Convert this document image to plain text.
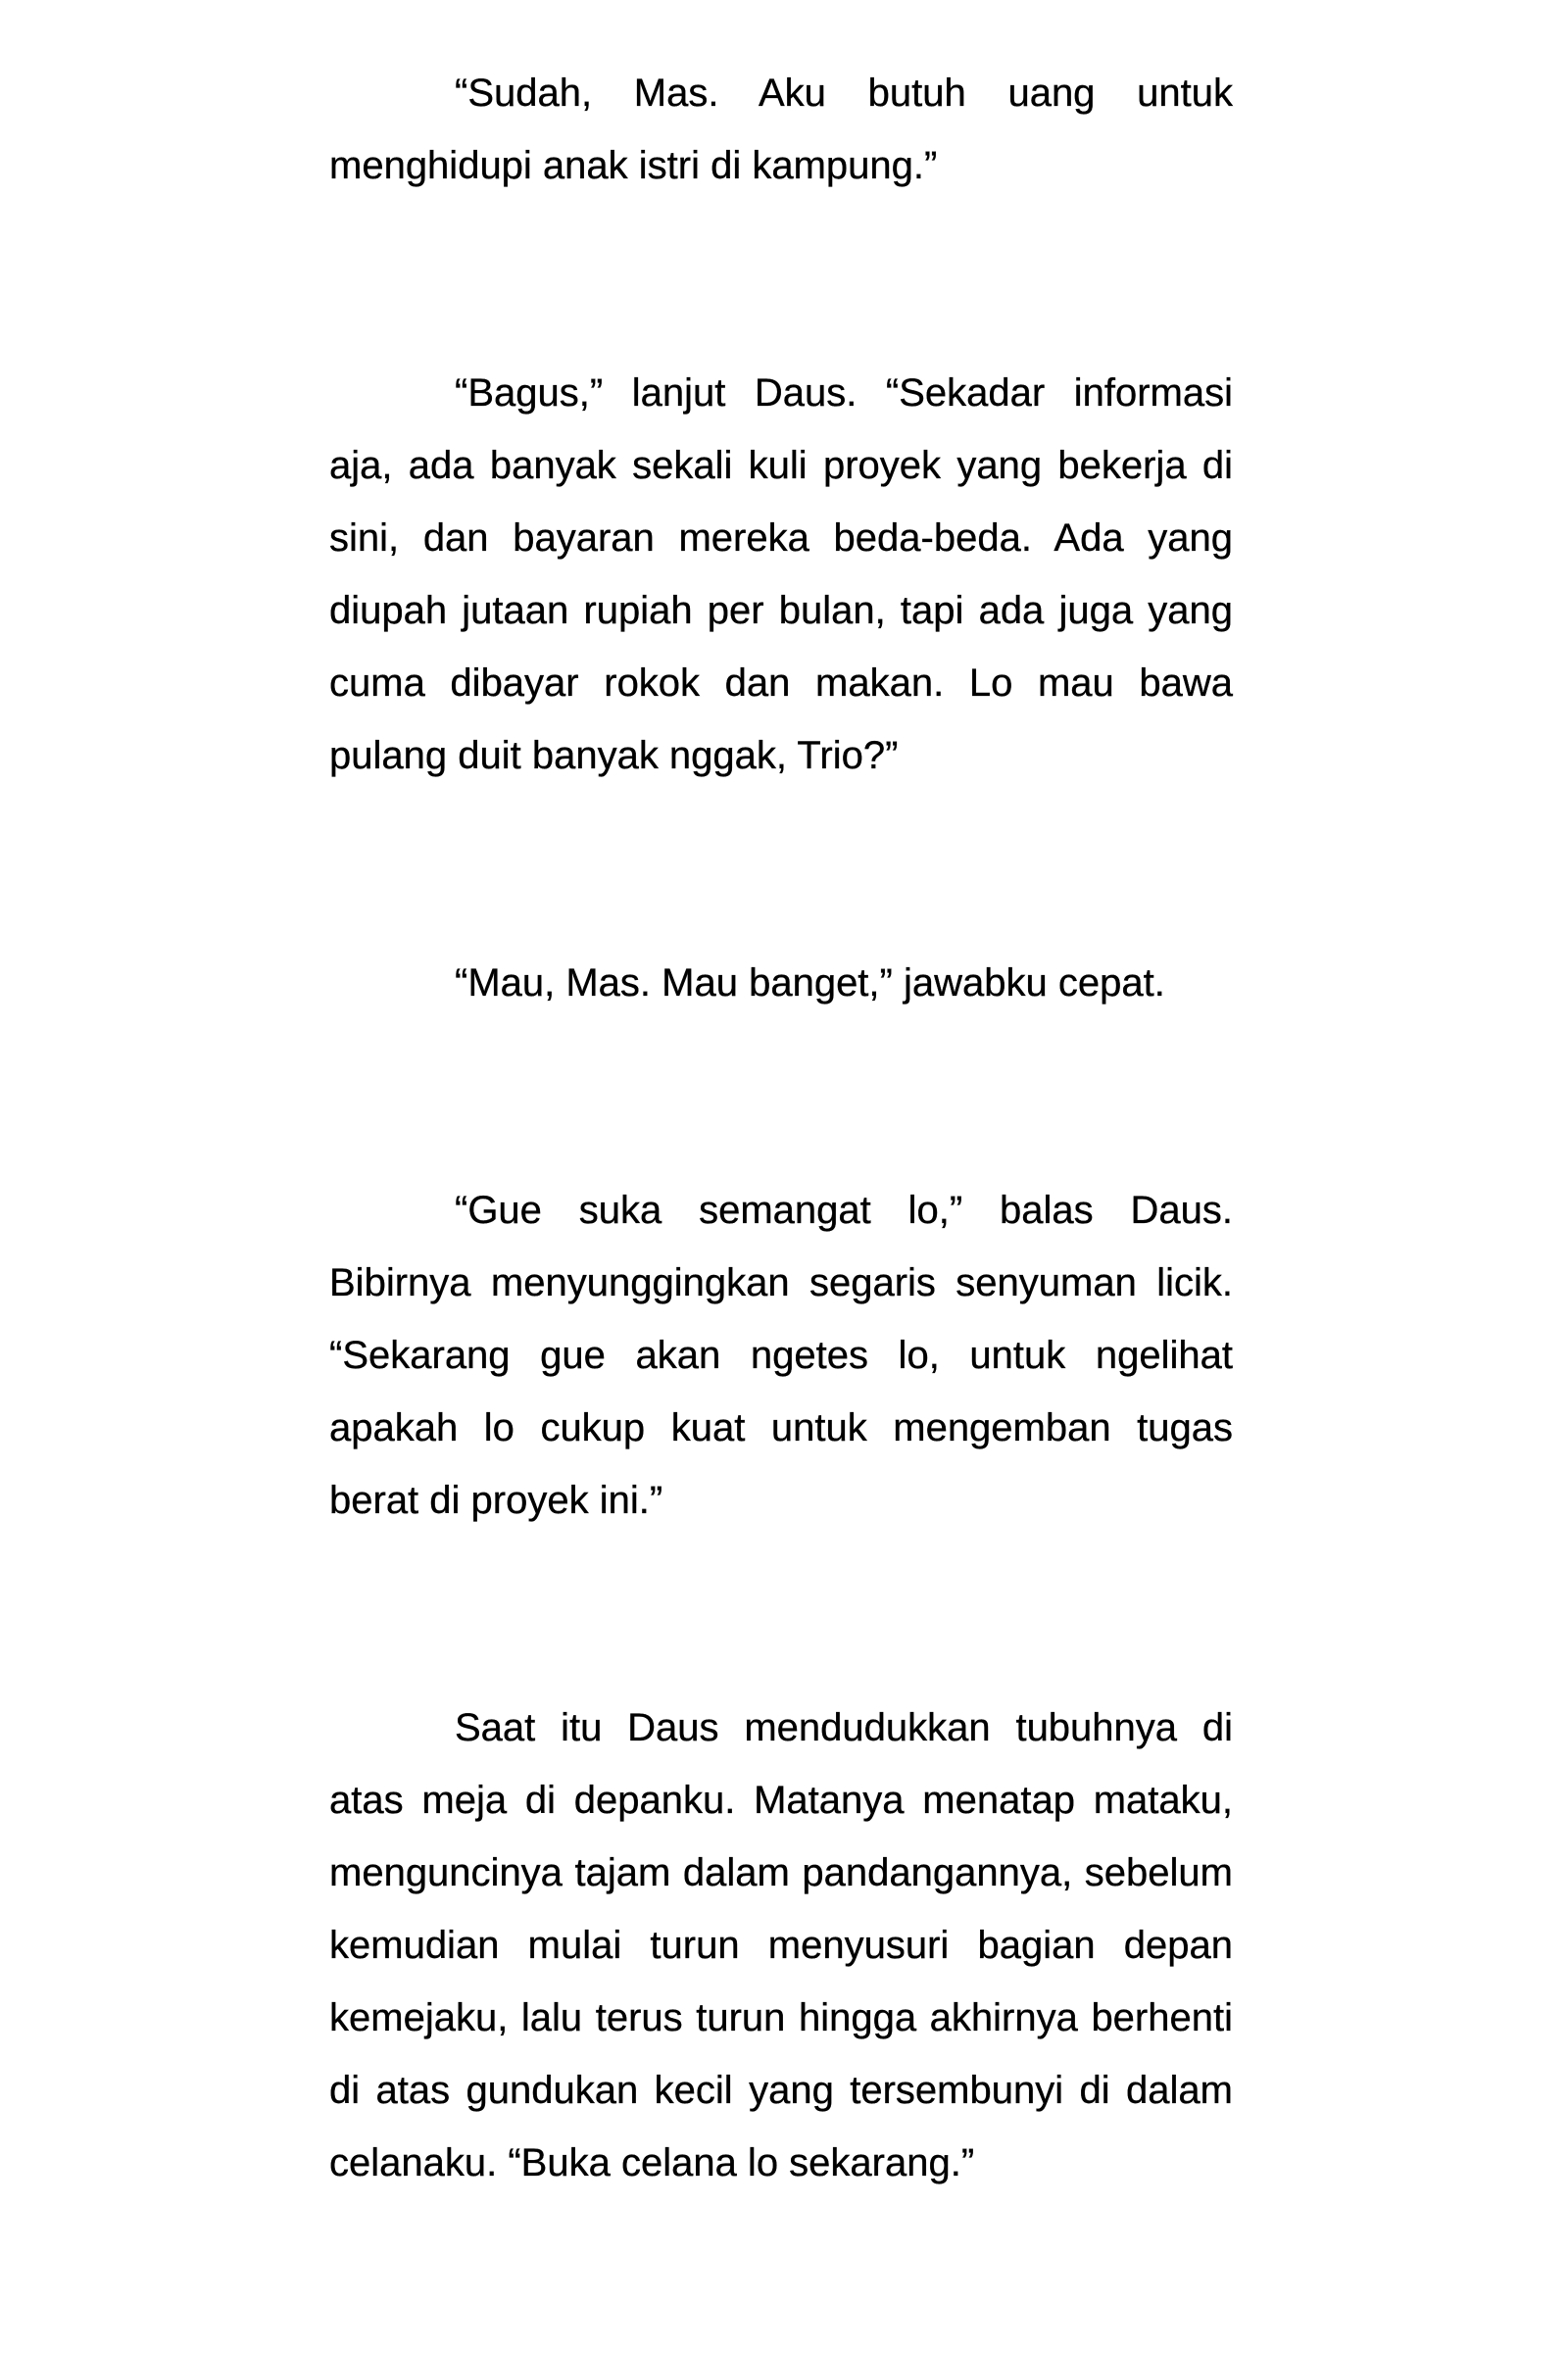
“Sudah, Mas. Aku butuh uang untuk menghidupi anak istri di kampung.”

“Bagus,” lanjut Daus. “Sekadar informasi aja, ada banyak sekali kuli proyek yang bekerja di sini, dan bayaran mereka beda-beda. Ada yang diupah jutaan rupiah per bulan, tapi ada juga yang cuma dibayar rokok dan makan. Lo mau bawa pulang duit banyak nggak, Trio?”

“Mau, Mas. Mau banget,” jawabku cepat.

“Gue suka semangat lo,” balas Daus. Bibirnya menyunggingkan segaris senyuman licik. “Sekarang gue akan ngetes lo, untuk ngelihat apakah lo cukup kuat untuk mengemban tugas berat di proyek ini.”

Saat itu Daus mendudukkan tubuhnya di atas meja di depanku. Matanya menatap mataku, menguncinya tajam dalam pandangannya, sebelum kemudian mulai turun menyusuri bagian depan kemejaku, lalu terus turun hingga akhirnya berhenti di atas gundukan kecil yang tersembunyi di dalam celanaku. “Buka celana lo sekarang.”
